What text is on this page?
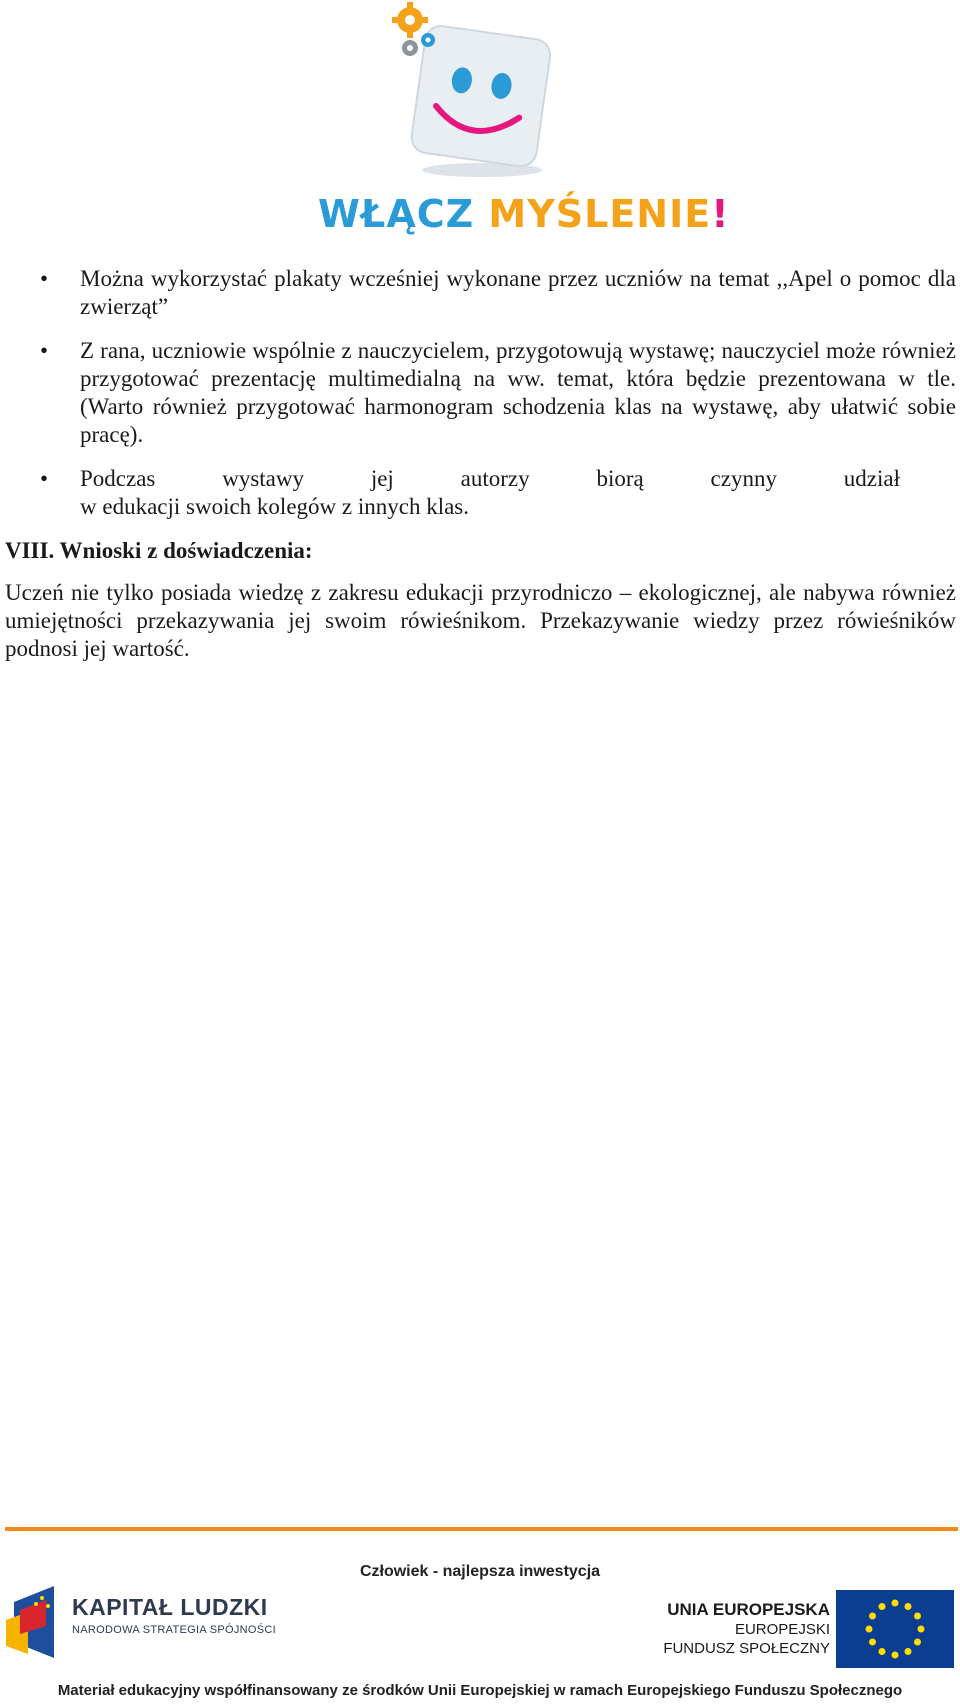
WŁĄCZ MYŚLENIE!
• Można wykorzystać plakaty wcześniej wykonane przez uczniów na temat ,,Apel o pomoc dla zwierząt”
• Z rana, uczniowie wspólnie z nauczycielem, przygotowują wystawę; nauczyciel może również przygotować prezentację multimedialną na ww. temat, która będzie prezentowana w tle. (Warto również przygotować harmonogram schodzenia klas na wystawę, aby ułatwić sobie pracę).
• Podczas wystawy jej autorzy biorą czynny udział
w edukacji swoich kolegów z innych klas.
VIII. Wnioski z doświadczenia:

Uczeń nie tylko posiada wiedzę z zakresu edukacji przyrodniczo – ekologicznej, ale nabywa również umiejętności przekazywania jej swoim rówieśnikom. Przekazywanie wiedzy przez rówieśników podnosi jej wartość.

Człowiek - najlepsza inwestycja
KAPITAŁ LUDZKI
NARODOWA STRATEGIA SPÓJNOŚCI
UNIA EUROPEJSKA
EUROPEJSKI
FUNDUSZ SPOŁECZNY
Materiał edukacyjny współfinansowany ze środków Unii Europejskiej w ramach Europejskiego Funduszu Społecznego
